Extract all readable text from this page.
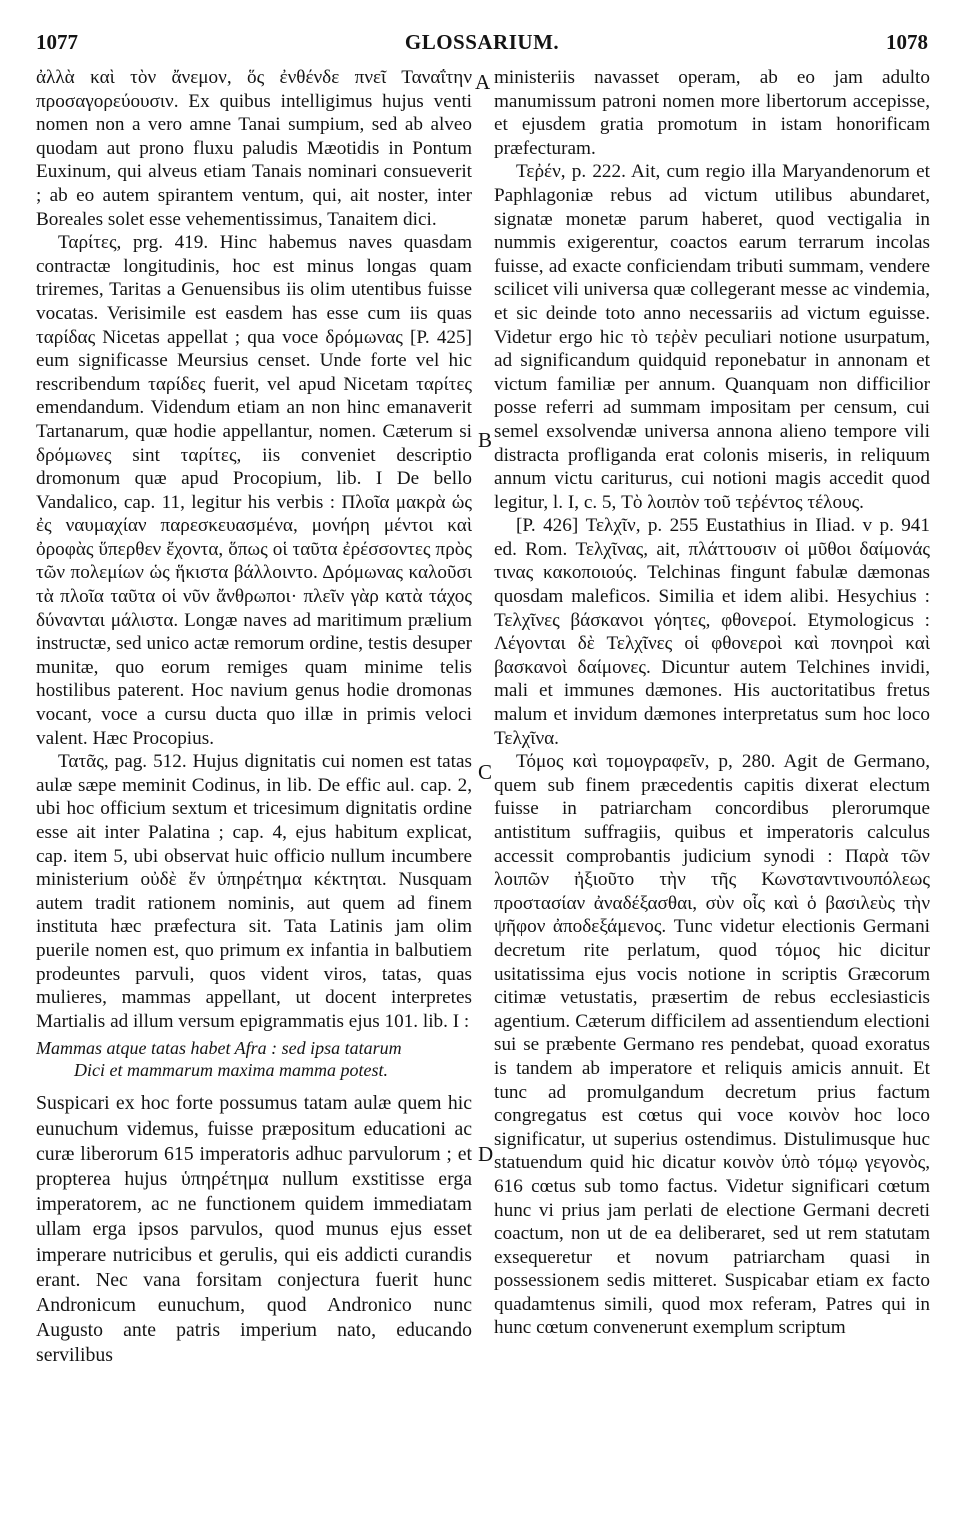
1077	GLOSSARIUM.	1078

ἀλλὰ καὶ τὸν ἄνεμον, ὅς ἐνθένδε πνεῖ Ταναΐτην προσαγορεύουσιν. Ex quibus intelligimus hujus venti nomen non a vero amne Tanai sumpium, sed ab alveo quodam aut prono fluxu paludis Mæotidis in Pontum Euxinum, qui alveus etiam Tanais nominari consueverit ; ab eo autem spirantem ventum, qui, ait noster, inter Boreales solet esse vehementissimus, Tanaitem dici.

Ταρίτες, prg. 419. Hinc habemus naves quasdam contractæ longitudinis, hoc est minus longas quam triremes, Taritas a Genuensibus iis olim utentibus fuisse vocatas. Verisimile est easdem has esse cum iis quas ταρίδας Nicetas appellat ; qua voce δρόμωνας [P. 425] eum significasse Meursius censet. Unde forte vel hic rescribendum ταρίδες fuerit, vel apud Nicetam ταρίτες emendandum. Videndum etiam an non hinc emanaverit Tartanarum, quæ hodie appellantur, nomen. Cæterum si δρόμωνες sint ταρίτες, iis conveniet descriptio dromonum quæ apud Procopium, lib. I De bello Vandalico, cap. 11, legitur his verbis : Πλοῖα μακρὰ ὡς ἐς ναυμαχίαν παρεσκευασμένα, μονήρη μέντοι καὶ ὀροφὰς ὕπερθεν ἔχοντα, ὅπως οἱ ταῦτα ἐρέσσοντες πρὸς τῶν πολεμίων ὡς ἥκιστα βάλλοιντο. Δρόμωνας καλοῦσι τὰ πλοῖα ταῦτα οἱ νῦν ἄνθρωποι· πλεῖν γὰρ κατὰ τάχος δύνανται μάλιστα. Longæ naves ad maritimum prælium instructæ, sed unico actæ remorum ordine, testis desuper munitæ, quo eorum remiges quam minime telis hostilibus paterent. Hoc navium genus hodie dromonas vocant, voce a cursu ducta quo illæ in primis veloci valent. Hæc Procopius.

Τατᾶς, pag. 512. Hujus dignitatis cui nomen est tatas aulæ sæpe meminit Codinus, in lib. De effic aul. cap. 2, ubi hoc officium sextum et tricesimum dignitatis ordine esse ait inter Palatina ; cap. 4, ejus habitum explicat, cap. item 5, ubi observat huic officio nullum incumbere ministerium οὐδὲ ἕν ὑπηρέτημα κέκτηται. Nusquam autem tradit rationem nominis, aut quem ad finem instituta hæc præfectura sit. Tata Latinis jam olim puerile nomen est, quo primum ex infantia in balbutiem prodeuntes parvuli, quos vident viros, tatas, quas mulieres, mammas appellant, ut docent interpretes Martialis ad illum versum epigrammatis ejus 101. lib. I :

Mammas atque tatas habet Afra : sed ipsa tatarum
Dici et mammarum maxima mamma potest.

Suspicari ex hoc forte possumus tatam aulæ quem hic eunuchum videmus, fuisse præpositum educationi ac curæ liberorum 615 imperatoris adhuc parvulorum ; et propterea hujus ὑπηρέτημα nullum exstitisse erga imperatorem, ac ne functionem quidem immediatam ullam erga ipsos parvulos, quod munus ejus esset imperare nutricibus et gerulis, qui eis addicti curandis erant. Nec vana forsitam conjectura fuerit hunc Andronicum eunuchum, quod Andronico nunc Augusto ante patris imperium nato, educando servilibus

ministeriis navasset operam, ab eo jam adulto manumissum patroni nomen more libertorum accepisse, et ejusdem gratia promotum in istam honorificam præfecturam.

Τεῤέν, p. 222. Ait, cum regio illa Maryandenorum et Paphlagoniæ rebus ad victum utilibus abundaret, signatæ monetæ parum haberet, quod vectigalia in nummis exigerentur, coactos earum terrarum incolas fuisse, ad exacte conficiendam tributi summam, vendere scilicet vili universa quæ collegerant messe ac vindemia, et sic deinde toto anno necessariis ad victum eguisse. Videtur ergo hic τὸ τεῤὲν peculiari notione usurpatum, ad significandum quidquid reponebatur in annonam et victum familiæ per annum. Quanquam non difficilior posse referri ad summam impositam per censum, cui semel exsolvendæ universa annona alieno tempore vili distracta profliganda erat colonis miseris, in reliquum annum victu cariturus, cui notioni magis accedit quod legitur, l. I, c. 5, Τὸ λοιπὸν τοῦ τεῤέντος τέλους.

[P. 426] Τελχῖν, p. 255 Eustathius in Iliad. v p. 941 ed. Rom. Τελχῖνας, ait, πλάττουσιν οἱ μῦθοι δαίμονάς τινας κακοποιούς. Telchinas fingunt fabulæ dæmonas quosdam maleficos. Similia et idem alibi. Hesychius : Τελχῖνες βάσκανοι γόητες, φθονεροί. Etymologicus : Λέγονται δὲ Τελχῖνες οἱ φθονεροὶ καὶ πονηροὶ καὶ βασκανοὶ δαίμονες. Dicuntur autem Telchines invidi, mali et immunes dæmones. His auctoritatibus fretus malum et invidum dæmones interpretatus sum hoc loco Τελχῖνα.

Τόμος καὶ τομογραφεῖν, p, 280. Agit de Germano, quem sub finem præcedentis capitis dixerat electum fuisse in patriarcham concordibus plerorumque antistitum suffragiis, quibus et imperatoris calculus accessit comprobantis judicium synodi : Παρὰ τῶν λοιπῶν ἠξιοῦτο τὴν τῆς Κωνσταντινουπόλεως προστασίαν ἀναδέξασθαι, σὺν οἷς καὶ ὁ βασιλεὺς τὴν ψῆφον ἀποδεξάμενος. Tunc videtur electionis Germani decretum rite perlatum, quod τόμος hic dicitur usitatissima ejus vocis notione in scriptis Græcorum citimæ vetustatis, præsertim de rebus ecclesiasticis agentium. Cæterum difficilem ad assentiendum electioni sui se præbente Germano res pendebat, quoad exoratus is tandem ab imperatore et reliquis amicis annuit. Et tunc ad promulgandum decretum prius factum congregatus est cœtus qui voce κοινὸν hoc loco significatur, ut superius ostendimus. Distulimusque huc statuendum quid hic dicatur κοινὸν ὑπὸ τόμῳ γεγονὸς, 616 cœtus sub tomo factus. Videtur significari cœtum hunc vi prius jam perlati de electione Germani decreti coactum, non ut de ea deliberaret, sed ut rem statutam exsequeretur et novum patriarcham quasi in possessionem sedis mitteret. Suspicabar etiam ex facto quadamtenus simili, quod mox referam, Patres qui in hunc cœtum convenerunt exemplum scriptum

A
B
C
D
